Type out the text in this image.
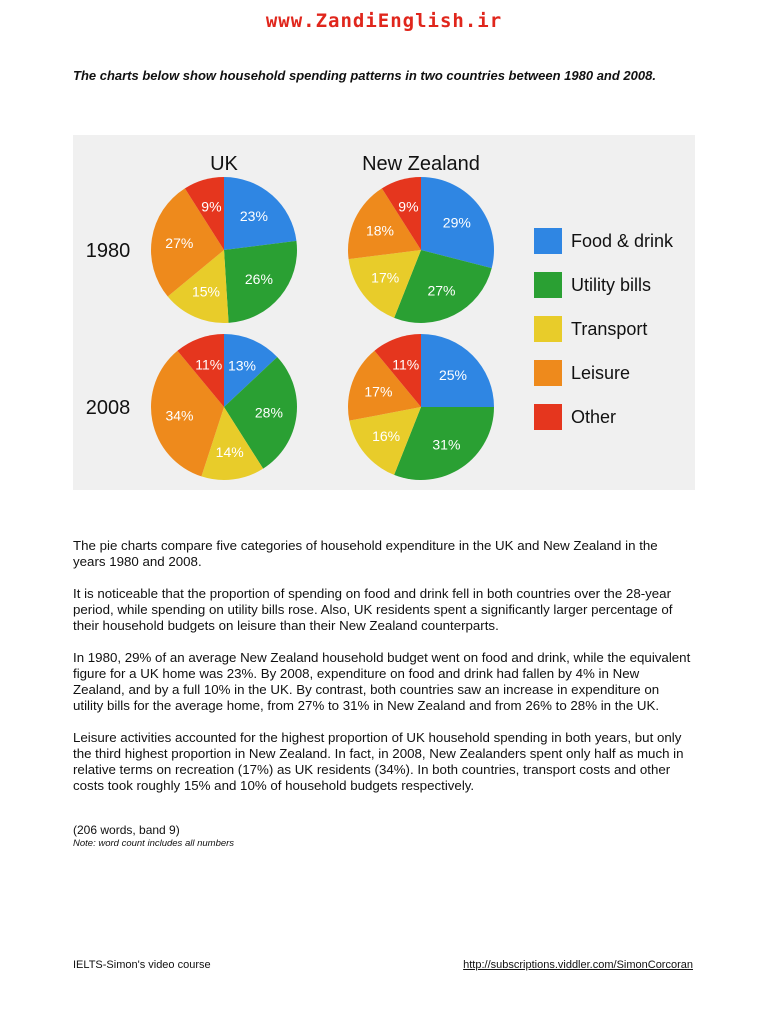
www.ZandiEnglish.ir
The charts below show household spending patterns in two countries between 1980 and 2008.
UK	New Zealand
1980
2008
23%
26%
15%
27%
9%
29%
27%
17%
18%
9%
13%
28%
14%
34%
11%
25%
31%
16%
17%
11%
Food & drink
Utility bills
Transport
Leisure
Other

The pie charts compare five categories of household expenditure in the UK and New Zealand in the years 1980 and 2008.

It is noticeable that the proportion of spending on food and drink fell in both countries over the 28-year period, while spending on utility bills rose. Also, UK residents spent a significantly larger percentage of their household budgets on leisure than their New Zealand counterparts.

In 1980, 29% of an average New Zealand household budget went on food and drink, while the equivalent figure for a UK home was 23%. By 2008, expenditure on food and drink had fallen by 4% in New Zealand, and by a full 10% in the UK. By contrast, both countries saw an increase in expenditure on utility bills for the average home, from 27% to 31% in New Zealand and from 26% to 28% in the UK.

Leisure activities accounted for the highest proportion of UK household spending in both years, but only the third highest proportion in New Zealand. In fact, in 2008, New Zealanders spent only half as much in relative terms on recreation (17%) as UK residents (34%). In both countries, transport costs and other costs took roughly 15% and 10% of household budgets respectively.

(206 words, band 9)
Note: word count includes all numbers
IELTS-Simon's video course	http://subscriptions.viddler.com/SimonCorcoran
